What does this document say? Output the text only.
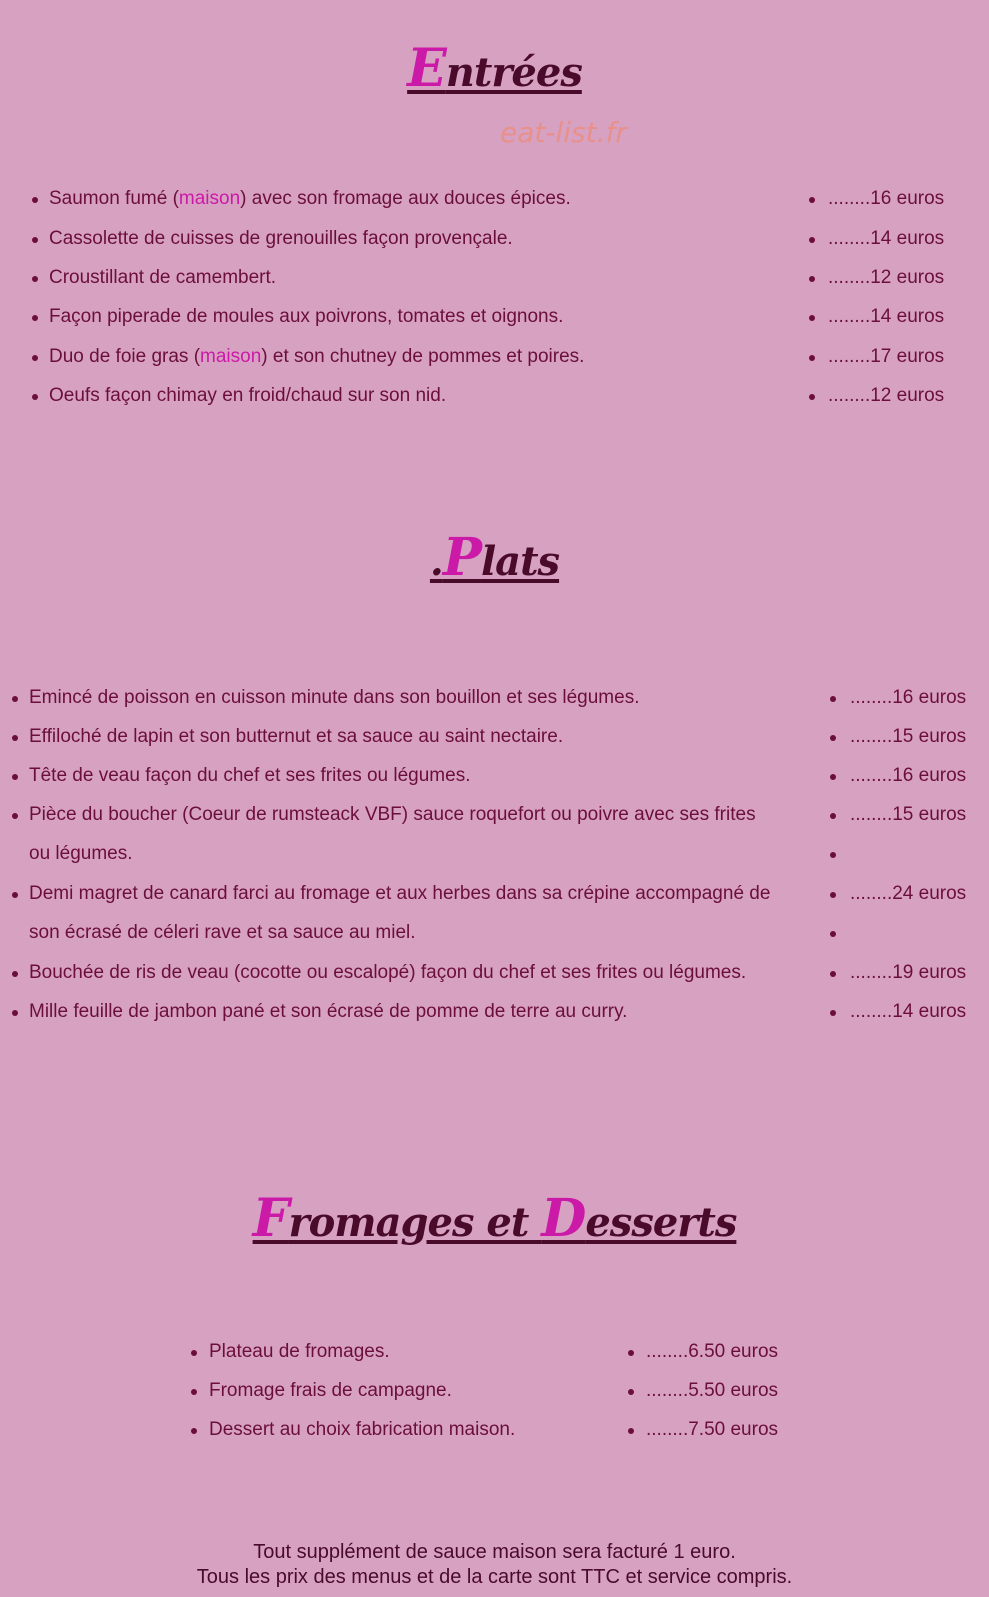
Entrées
eat-list.fr
Saumon fumé (maison) avec son fromage aux douces épices.	........16 euros
Cassolette de cuisses de grenouilles façon provençale.	........14 euros
Croustillant de camembert.	........12 euros
Façon piperade de moules aux poivrons, tomates et oignons.	........14 euros
Duo de foie gras (maison) et son chutney de pommes et poires.	........17 euros
Oeufs façon chimay en froid/chaud sur son nid.	........12 euros
.Plats
Emincé de poisson en cuisson minute dans son bouillon et ses légumes.	........16 euros
Effiloché de lapin et son butternut et sa sauce au saint nectaire.	........15 euros
Tête de veau façon du chef et ses frites ou légumes.	........16 euros
Pièce du boucher (Coeur de rumsteack VBF) sauce roquefort ou poivre avec ses frites	........15 euros
ou légumes.
Demi magret de canard farci au fromage et aux herbes dans sa crépine accompagné de	........24 euros
son écrasé de céleri rave et sa sauce au miel.
Bouchée de ris de veau (cocotte ou escalopé) façon du chef et ses frites ou légumes.	........19 euros
Mille feuille de jambon pané et son écrasé de pomme de terre au curry.	........14 euros
Fromages et Desserts
Plateau de fromages.	........6.50 euros
Fromage frais de campagne.	........5.50 euros
Dessert au choix fabrication maison.	........7.50 euros
Tout supplément de sauce maison sera facturé 1 euro.
Tous les prix des menus et de la carte sont TTC et service compris.
